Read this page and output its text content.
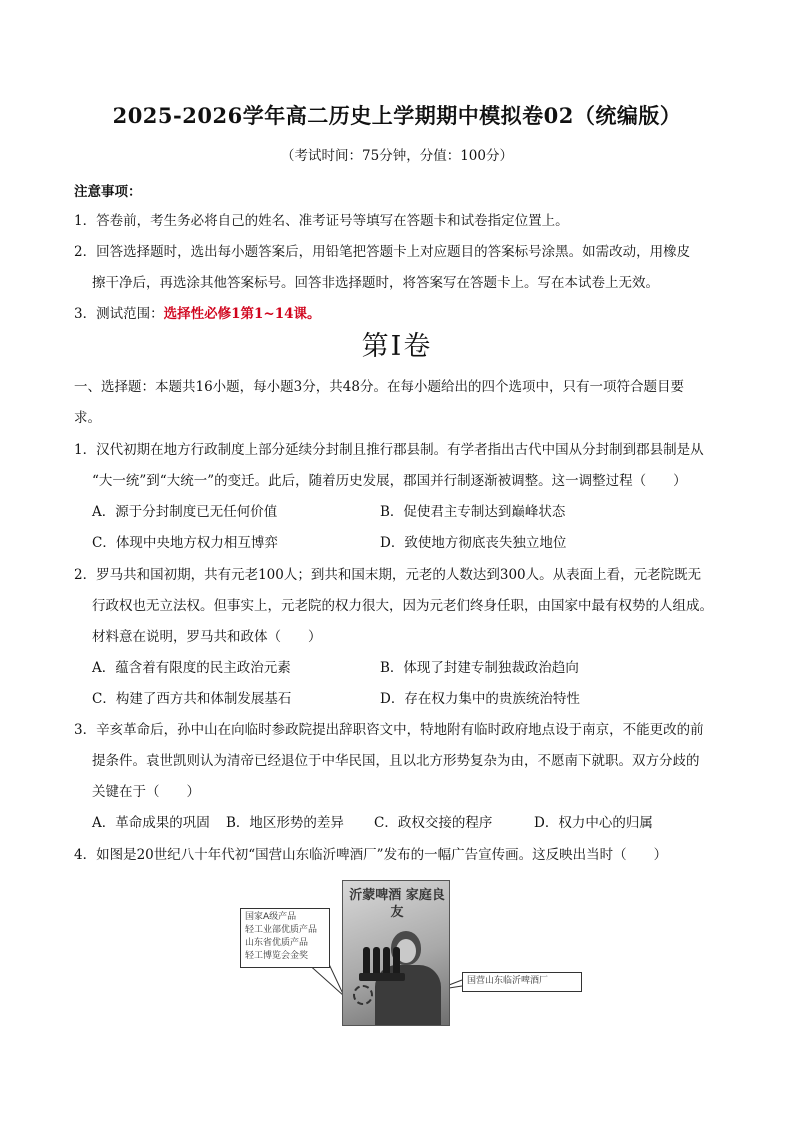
2025-2026学年高二历史上学期期中模拟卷02（统编版）
（考试时间：75分钟，分值：100分）
注意事项：
1．答卷前，考生务必将自己的姓名、准考证号等填写在答题卡和试卷指定位置上。
2．回答选择题时，选出每小题答案后，用铅笔把答题卡上对应题目的答案标号涂黑。如需改动，用橡皮
擦干净后，再选涂其他答案标号。回答非选择题时，将答案写在答题卡上。写在本试卷上无效。
3．测试范围：选择性必修1第1~14课。
第Ⅰ卷
一、选择题：本题共16小题，每小题3分，共48分。在每小题给出的四个选项中，只有一项符合题目要
求。
1．汉代初期在地方行政制度上部分延续分封制且推行郡县制。有学者指出古代中国从分封制到郡县制是从
“大一统”到“大统一”的变迁。此后，随着历史发展，郡国并行制逐渐被调整。这一调整过程（　　）
A．源于分封制度已无任何价值	B．促使君主专制达到巅峰状态
C．体现中央地方权力相互博弈	D．致使地方彻底丧失独立地位
2．罗马共和国初期，共有元老100人；到共和国末期，元老的人数达到300人。从表面上看，元老院既无
行政权也无立法权。但事实上，元老院的权力很大，因为元老们终身任职，由国家中最有权势的人组成。
材料意在说明，罗马共和政体（　　）
A．蕴含着有限度的民主政治元素	B．体现了封建专制独裁政治趋向
C．构建了西方共和体制发展基石	D．存在权力集中的贵族统治特性
3．辛亥革命后，孙中山在向临时参政院提出辞职咨文中，特地附有临时政府地点设于南京，不能更改的前
提条件。袁世凯则认为清帝已经退位于中华民国，且以北方形势复杂为由，不愿南下就职。双方分歧的
关键在于（　　）
A．革命成果的巩固 B．地区形势的差异 C．政权交接的程序	D．权力中心的归属
4．如图是20世纪八十年代初“国营山东临沂啤酒厂”发布的一幅广告宣传画。这反映出当时（　　）
沂蒙啤酒 家庭良友
国家A级产品
轻工业部优质产品
山东省优质产品
轻工博览会金奖
国营山东临沂啤酒厂
